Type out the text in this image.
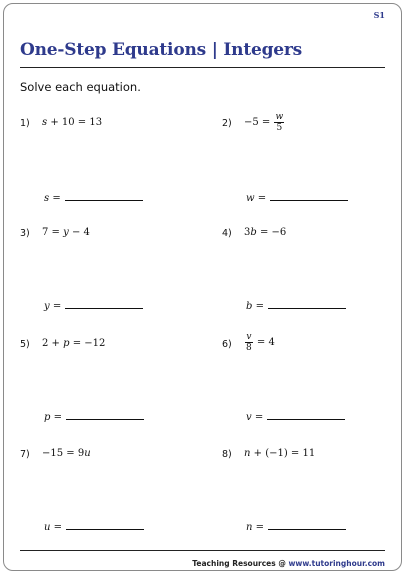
S1
One-Step Equations | Integers
Solve each equation.
1) s + 10 = 13
s =
$2) -5 = \frac{w}{5}$
w =
3) 7 = y − 4
y =
4) 3b = −6
b =
5) 2 + p = −12
p =
$6) \frac{v}{8} = 4$
v =
7) −15 = 9u
u =
8) n + (−1) = 11
n =
Teaching Resources @ www.tutoringhour.com
